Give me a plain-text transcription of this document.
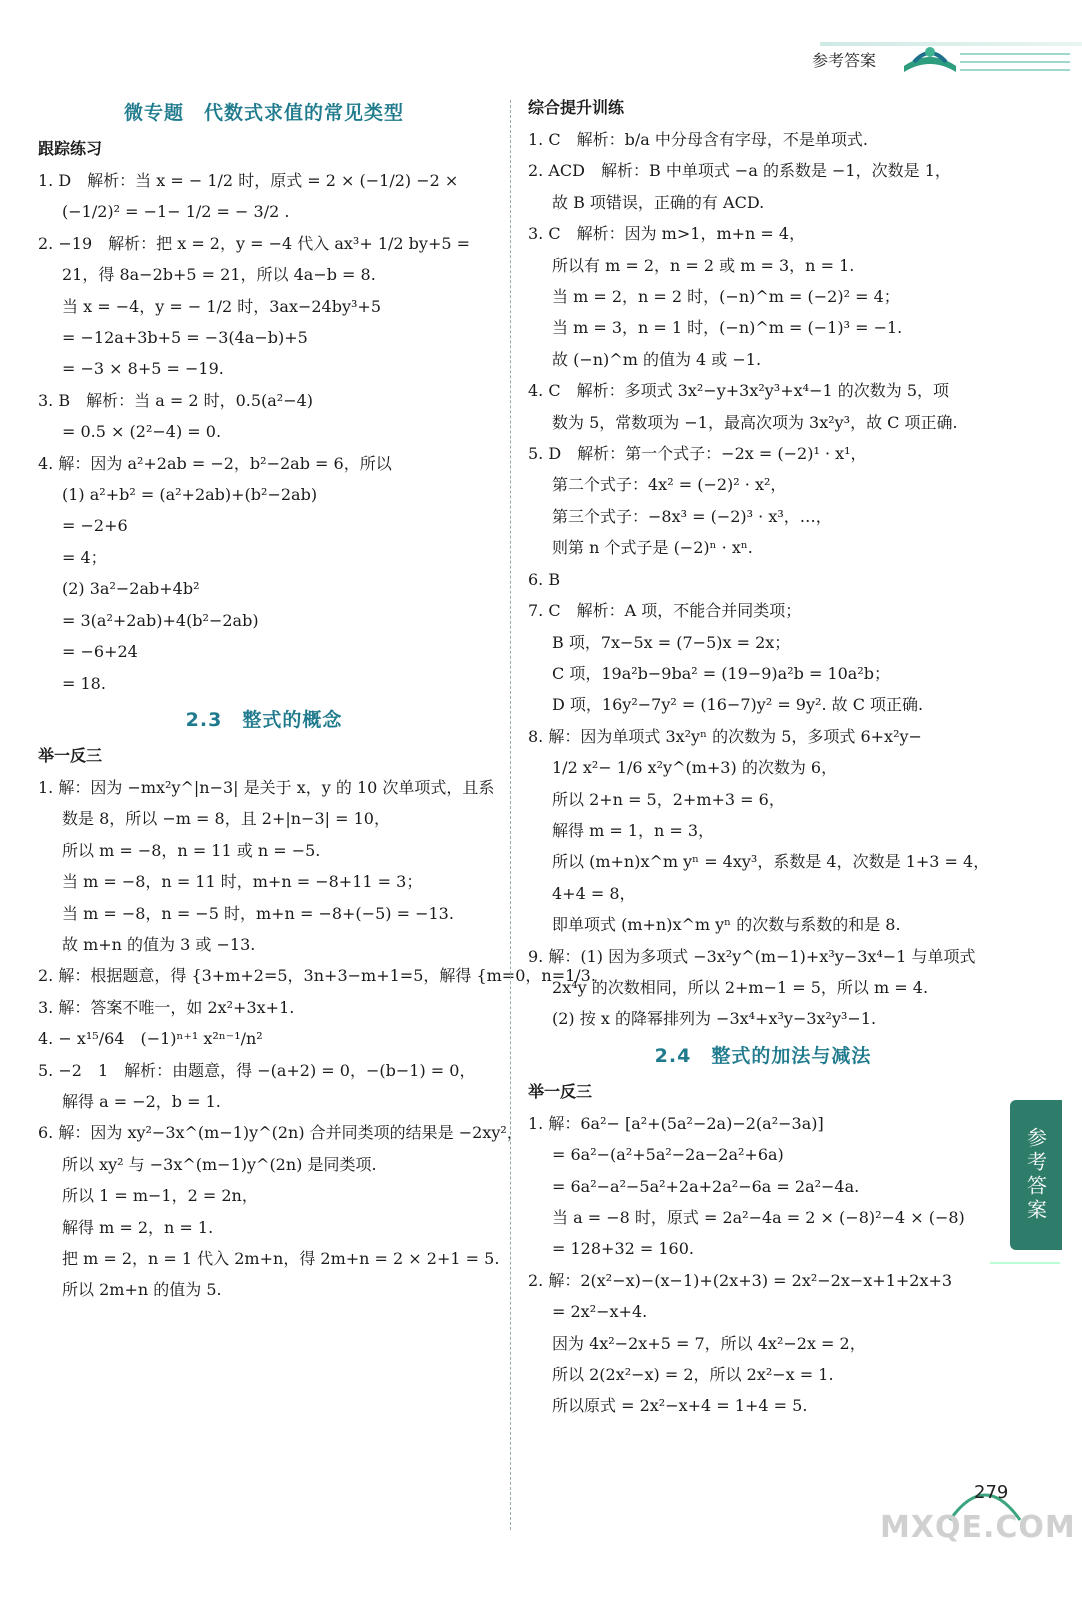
参考答案
微专题　代数式求值的常见类型
跟踪练习
1. D　解析：当 x = − 1/2 时，原式 = 2 × (−1/2) −2 ×
(−1/2)² = −1− 1/2 = − 3/2 .
2. −19　解析：把 x = 2，y = −4 代入 ax³+ 1/2 by+5 =
21，得 8a−2b+5 = 21，所以 4a−b = 8.
当 x = −4，y = − 1/2 时，3ax−24by³+5
= −12a+3b+5 = −3(4a−b)+5
= −3 × 8+5 = −19.
3. B　解析：当 a = 2 时，0.5(a²−4)
= 0.5 × (2²−4) = 0.
4. 解：因为 a²+2ab = −2，b²−2ab = 6，所以
(1) a²+b² = (a²+2ab)+(b²−2ab)
= −2+6
= 4；
(2) 3a²−2ab+4b²
= 3(a²+2ab)+4(b²−2ab)
= −6+24
= 18.
2.3　整式的概念
举一反三
1. 解：因为 −mx²y^|n−3| 是关于 x，y 的 10 次单项式，且系
数是 8，所以 −m = 8，且 2+|n−3| = 10，
所以 m = −8，n = 11 或 n = −5.
当 m = −8，n = 11 时，m+n = −8+11 = 3；
当 m = −8，n = −5 时，m+n = −8+(−5) = −13.
故 m+n 的值为 3 或 −13.
2. 解：根据题意，得 {3+m+2=5，3n+3−m+1=5，解得 {m=0，n=1/3.
3. 解：答案不唯一，如 2x²+3x+1.
4. − x¹⁵/64　(−1)ⁿ⁺¹ x²ⁿ⁻¹/n²
5. −2　1　解析：由题意，得 −(a+2) = 0，−(b−1) = 0，
解得 a = −2，b = 1.
6. 解：因为 xy²−3x^(m−1)y^(2n) 合并同类项的结果是 −2xy²，
所以 xy² 与 −3x^(m−1)y^(2n) 是同类项.
所以 1 = m−1，2 = 2n，
解得 m = 2，n = 1.
把 m = 2，n = 1 代入 2m+n，得 2m+n = 2 × 2+1 = 5.
所以 2m+n 的值为 5.
综合提升训练
1. C　解析：b/a 中分母含有字母，不是单项式.
2. ACD　解析：B 中单项式 −a 的系数是 −1，次数是 1，
故 B 项错误，正确的有 ACD.
3. C　解析：因为 m>1，m+n = 4，
所以有 m = 2，n = 2 或 m = 3，n = 1.
当 m = 2，n = 2 时，(−n)^m = (−2)² = 4；
当 m = 3，n = 1 时，(−n)^m = (−1)³ = −1.
故 (−n)^m 的值为 4 或 −1.
4. C　解析：多项式 3x²−y+3x²y³+x⁴−1 的次数为 5，项
数为 5，常数项为 −1，最高次项为 3x²y³，故 C 项正确.
5. D　解析：第一个式子：−2x = (−2)¹ · x¹，
第二个式子：4x² = (−2)² · x²，
第三个式子：−8x³ = (−2)³ · x³，…，
则第 n 个式子是 (−2)ⁿ · xⁿ.
6. B
7. C　解析：A 项，不能合并同类项；
B 项，7x−5x = (7−5)x = 2x；
C 项，19a²b−9ba² = (19−9)a²b = 10a²b；
D 项，16y²−7y² = (16−7)y² = 9y². 故 C 项正确.
8. 解：因为单项式 3x²yⁿ 的次数为 5，多项式 6+x²y−
1/2 x²− 1/6 x²y^(m+3) 的次数为 6，
所以 2+n = 5，2+m+3 = 6，
解得 m = 1，n = 3，
所以 (m+n)x^m yⁿ = 4xy³，系数是 4，次数是 1+3 = 4，
4+4 = 8，
即单项式 (m+n)x^m yⁿ 的次数与系数的和是 8.
9. 解：(1) 因为多项式 −3x²y^(m−1)+x³y−3x⁴−1 与单项式
2x⁴y 的次数相同，所以 2+m−1 = 5，所以 m = 4.
(2) 按 x 的降幂排列为 −3x⁴+x³y−3x²y³−1.
2.4　整式的加法与减法
举一反三
1. 解：6a²− [a²+(5a²−2a)−2(a²−3a)]
= 6a²−(a²+5a²−2a−2a²+6a)
= 6a²−a²−5a²+2a+2a²−6a = 2a²−4a.
当 a = −8 时，原式 = 2a²−4a = 2 × (−8)²−4 × (−8)
= 128+32 = 160.
2. 解：2(x²−x)−(x−1)+(2x+3) = 2x²−2x−x+1+2x+3
= 2x²−x+4.
因为 4x²−2x+5 = 7，所以 4x²−2x = 2，
所以 2(2x²−x) = 2，所以 2x²−x = 1.
所以原式 = 2x²−x+4 = 1+4 = 5.
参考答案
279
MXQE.COM
